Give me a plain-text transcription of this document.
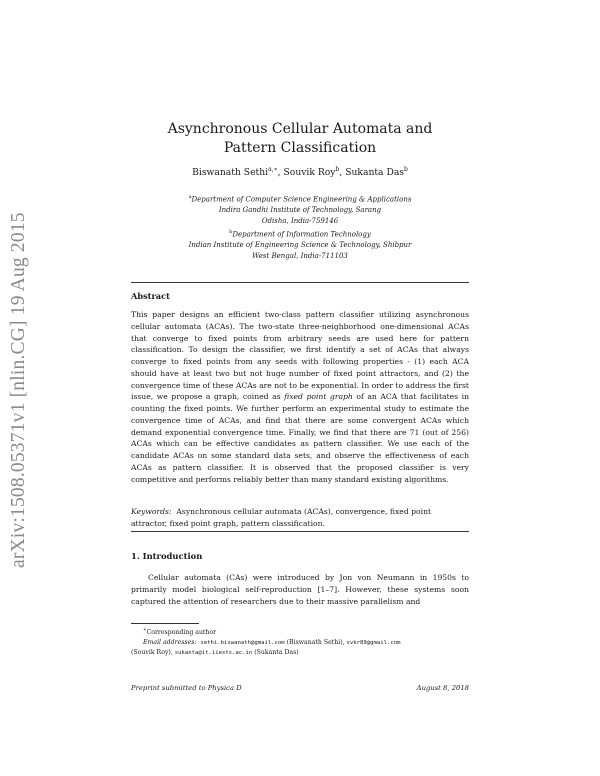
arXiv:1508.05371v1 [nlin.CG] 19 Aug 2015
Asynchronous Cellular Automata and
Pattern Classification
Biswanath Sethi$^{a,∗}$, Souvik Roy$^b$, Sukanta Das$^b$
$^a$Department of Computer Science Engineering & Applications
Indira Gandhi Institute of Technology, Sarang
Odisha, India-759146
$^b$Department of Information Technology
Indian Institute of Engineering Science & Technology, Shibpur
West Bengal, India-711103
Abstract
This paper designs an efficient two-class pattern classifier utilizing asynchronous cellular automata (ACAs). The two-state three-neighborhood one-dimensional ACAs that converge to fixed points from arbitrary seeds are used here for pattern classification. To design the classifier, we first identify a set of ACAs that always converge to fixed points from any seeds with following properties - (1) each ACA should have at least two but not huge number of fixed point attractors, and (2) the convergence time of these ACAs are not to be exponential. In order to address the first issue, we propose a graph, coined as fixed point graph of an ACA that facilitates in counting the fixed points. We further perform an experimental study to estimate the convergence time of ACAs, and find that there are some convergent ACAs which demand exponential convergence time. Finally, we find that there are 71 (out of 256) ACAs which can be effective candidates as pattern classifier. We use each of the candidate ACAs on some standard data sets, and observe the effectiveness of each ACAs as pattern classifier. It is observed that the proposed classifier is very competitive and performs reliably better than many standard existing algorithms.
Keywords: Asynchronous cellular automata (ACAs), convergence, fixed point attractor, fixed point graph, pattern classification.
1. Introduction
Cellular automata (CAs) were introduced by Jon von Neumann in 1950s to primarily model biological self-reproduction [1–7]. However, these systems soon captured the attention of researchers due to their massive parallelism and
∗Corresponding author
Email addresses: sethi.biswanath@gmail.com (Biswanath Sethi), svkr89@gmail.com
(Souvik Roy), sukanta@it.iiests.ac.in (Sukanta Das)
Preprint submitted to Physica D	August 8, 2018
